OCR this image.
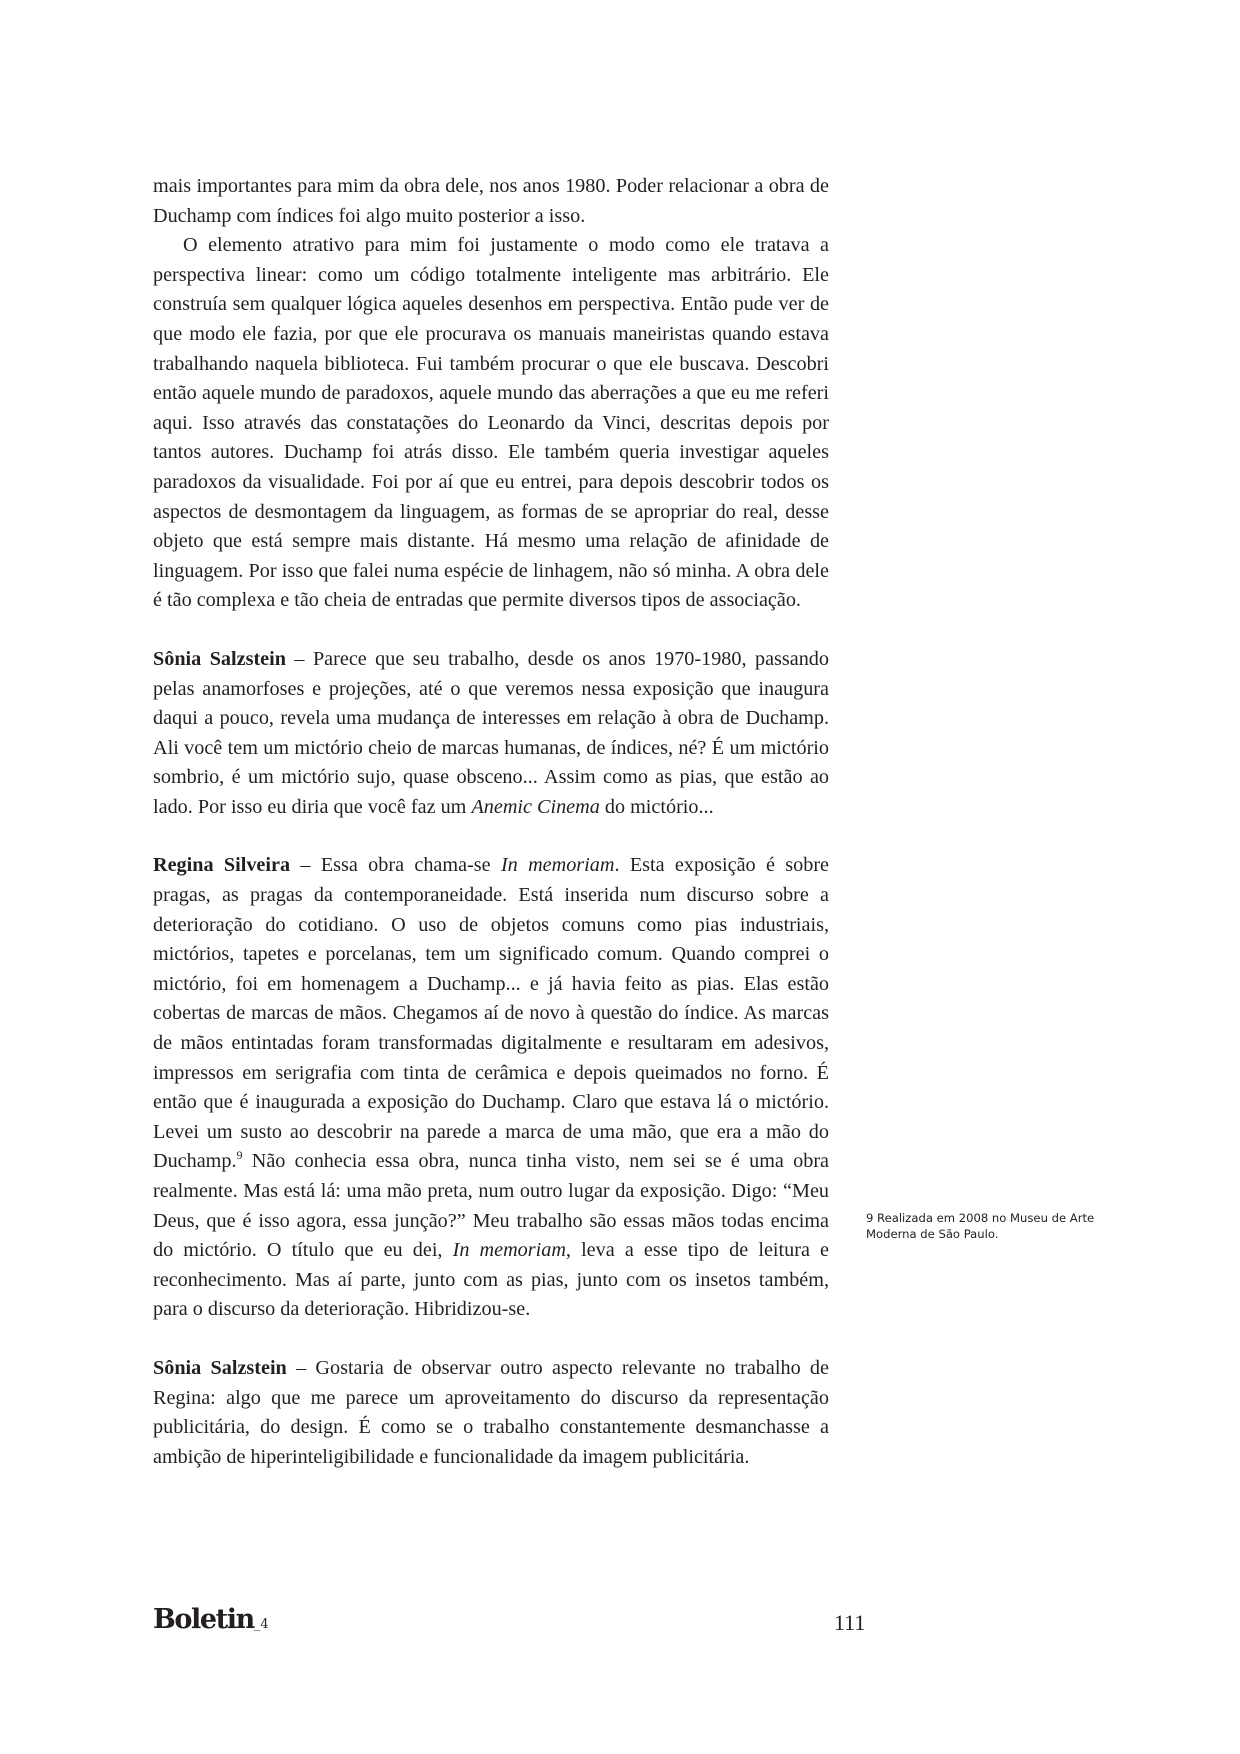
mais importantes para mim da obra dele, nos anos 1980. Poder relacionar a obra de Duchamp com índices foi algo muito posterior a isso.

O elemento atrativo para mim foi justamente o modo como ele tratava a perspectiva linear: como um código totalmente inteligente mas arbitrário. Ele construía sem qualquer lógica aqueles desenhos em perspectiva. Então pude ver de que modo ele fazia, por que ele procurava os manuais maneiristas quando estava trabalhando naquela biblioteca. Fui também procurar o que ele buscava. Descobri então aquele mundo de paradoxos, aquele mundo das aberrações a que eu me referi aqui. Isso através das constatações do Leonardo da Vinci, descritas depois por tantos autores. Duchamp foi atrás disso. Ele também queria investigar aqueles paradoxos da visualidade. Foi por aí que eu entrei, para depois descobrir todos os aspectos de desmontagem da linguagem, as formas de se apropriar do real, desse objeto que está sempre mais distante. Há mesmo uma relação de afinidade de linguagem. Por isso que falei numa espécie de linhagem, não só minha. A obra dele é tão complexa e tão cheia de entradas que permite diversos tipos de associação.

Sônia Salzstein – Parece que seu trabalho, desde os anos 1970-1980, passando pelas anamorfoses e projeções, até o que veremos nessa exposição que inaugura daqui a pouco, revela uma mudança de interesses em relação à obra de Duchamp. Ali você tem um mictório cheio de marcas humanas, de índices, né? É um mictório sombrio, é um mictório sujo, quase obsceno... Assim como as pias, que estão ao lado. Por isso eu diria que você faz um Anemic Cinema do mictório...

Regina Silveira – Essa obra chama-se In memoriam. Esta exposição é sobre pragas, as pragas da contemporaneidade. Está inserida num discurso sobre a deterioração do cotidiano. O uso de objetos comuns como pias industriais, mictórios, tapetes e porcelanas, tem um significado comum. Quando comprei o mictório, foi em homenagem a Duchamp... e já havia feito as pias. Elas estão cobertas de marcas de mãos. Chegamos aí de novo à questão do índice. As marcas de mãos entintadas foram transformadas digitalmente e resultaram em adesivos, impressos em serigrafia com tinta de cerâmica e depois queimados no forno. É então que é inaugurada a exposição do Duchamp. Claro que estava lá o mictório. Levei um susto ao descobrir na parede a marca de uma mão, que era a mão do Duchamp.$^9$ Não conhecia essa obra, nunca tinha visto, nem sei se é uma obra realmente. Mas está lá: uma mão preta, num outro lugar da exposição. Digo: “Meu Deus, que é isso agora, essa junção?” Meu trabalho são essas mãos todas encima do mictório. O título que eu dei, In memoriam, leva a esse tipo de leitura e reconhecimento. Mas aí parte, junto com as pias, junto com os insetos também, para o discurso da deterioração. Hibridizou-se.

Sônia Salzstein – Gostaria de observar outro aspecto relevante no trabalho de Regina: algo que me parece um aproveitamento do discurso da representação publicitária, do design. É como se o trabalho constantemente desmanchasse a ambição de hiperinteligibilidade e funcionalidade da imagem publicitária.

9 Realizada em 2008 no Museu de Arte
Moderna de São Paulo.
Boletin_4	111
